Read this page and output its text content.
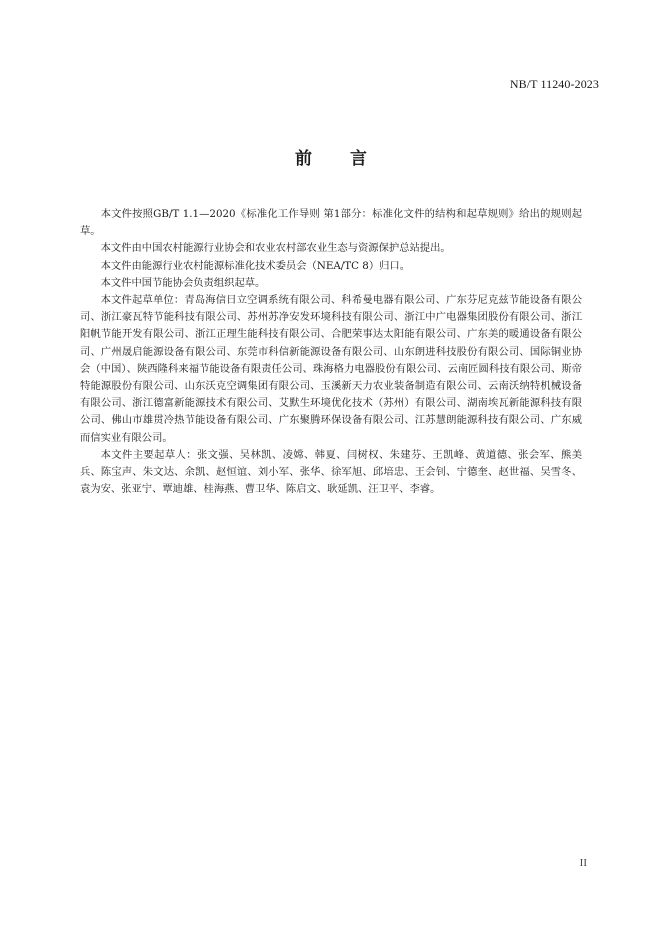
NB/T 11240-2023
前言

本文件按照GB/T 1.1—2020《标准化工作导则 第1部分：标准化文件的结构和起草规则》给出的规则起草。

本文件由中国农村能源行业协会和农业农村部农业生态与资源保护总站提出。

本文件由能源行业农村能源标准化技术委员会（NEA/TC 8）归口。

本文件中国节能协会负责组织起草。

本文件起草单位：青岛海信日立空调系统有限公司、科希曼电器有限公司、广东芬尼克兹节能设备有限公司、浙江豪瓦特节能科技有限公司、苏州苏净安发环境科技有限公司、浙江中广电器集团股份有限公司、浙江阳帆节能开发有限公司、浙江正理生能科技有限公司、合肥荣事达太阳能有限公司、广东美的暖通设备有限公司、广州晟启能源设备有限公司、东莞市科信新能源设备有限公司、山东朗进科技股份有限公司、国际铜业协会（中国）、陕西隆科来福节能设备有限责任公司、珠海格力电器股份有限公司、云南匠圆科技有限公司、斯帝特能源股份有限公司、山东沃克空调集团有限公司、玉溪新天力农业装备制造有限公司、云南沃纳特机械设备有限公司、浙江德富新能源技术有限公司、艾默生环境优化技术（苏州）有限公司、湖南埃瓦新能源科技有限公司、佛山市雄贯冷热节能设备有限公司、广东聚腾环保设备有限公司、江苏慧朗能源科技有限公司、广东威而信实业有限公司。

本文件主要起草人：张文强、吴林凯、凌嫦、韩夏、闫树权、朱建芬、王凯峰、黄道德、张会军、熊美兵、陈宝声、朱文达、余凯、赵恒谊、刘小军、张华、徐军旭、邱培忠、王会钊、宁德奎、赵世福、吴雪冬、袁为安、张亚宁、覃迪雄、桂海燕、曹卫华、陈启文、耿延凯、汪卫平、李睿。

II
